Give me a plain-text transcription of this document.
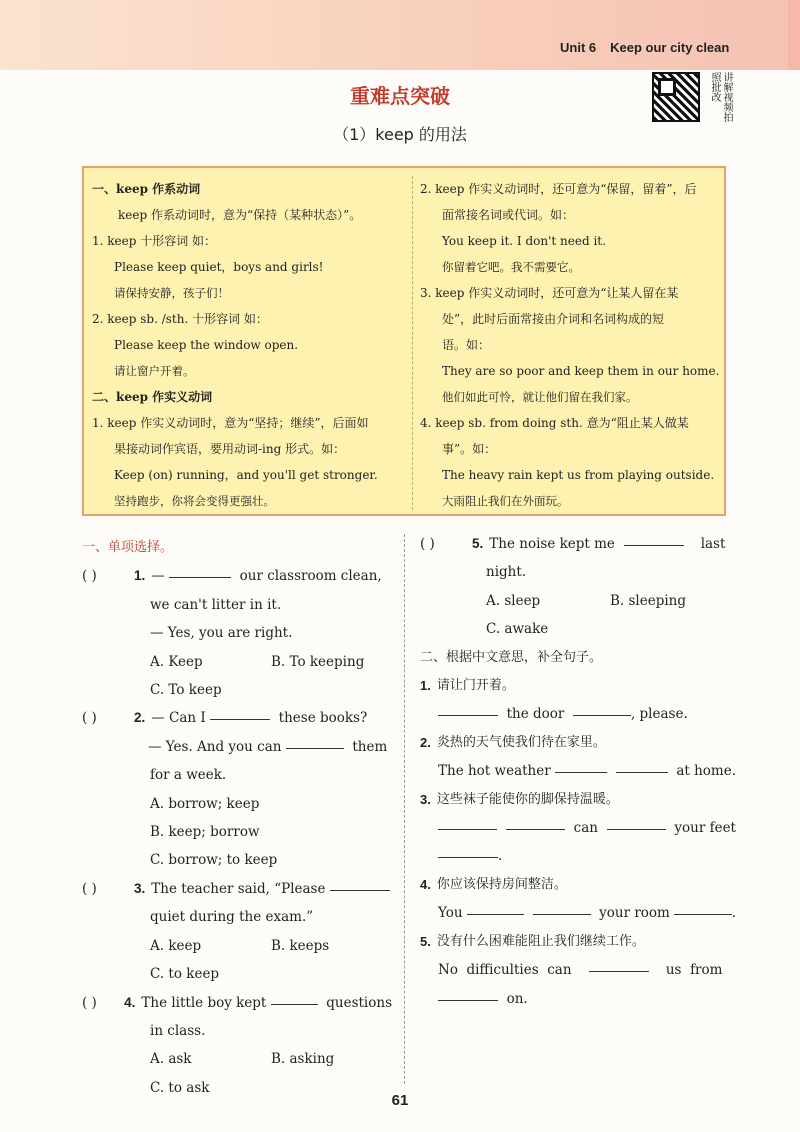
Unit 6 Keep our city clean
讲解视频拍照批改
重难点突破
（1）keep 的用法

一、keep 作系动词

keep 作系动词时，意为“保持（某种状态）”。

1. keep 十形容词 如：

Please keep quiet，boys and girls!

请保持安静，孩子们！

2. keep sb. /sth. 十形容词 如：

Please keep the window open.

请让窗户开着。

二、keep 作实义动词

1. keep 作实义动词时，意为“坚持；继续”，后面如

果接动词作宾语，要用动词-ing 形式。如：

Keep (on) running，and you'll get stronger.

坚持跑步，你将会变得更强壮。

2. keep 作实义动词时，还可意为“保留，留着”，后

面常接名词或代词。如：

You keep it. I don't need it.

你留着它吧。我不需要它。

3. keep 作实义动词时，还可意为“让某人留在某

处”，此时后面常接由介词和名词构成的短

语。如：

They are so poor and keep them in our home.

他们如此可怜，就让他们留在我们家。

4. keep sb. from doing sth. 意为“阻止某人做某

事”。如：

The heavy rain kept us from playing outside.

大雨阻止我们在外面玩。

一、单项选择。
( )	1. —

	our classroom clean,
we can't litter in it.
— Yes, you are right.
A. Keep	B. To keeping
C. To keep
( )	2. — Can I

	these books?
— Yes. And you can

	them
for a week.
A. borrow; keep
B. keep; borrow
C. borrow; to keep
( )	3. The teacher said, “Please

quiet during the exam.”
A. keep	B. keeps
C. to keep
( )	4. The little boy kept

	questions
in class.
A. ask	B. asking
C. to ask
( )	5. The noise kept me

	last
night.
A. sleep	B. sleeping
C. awake
二、根据中文意思，补全句子。
1. 请让门开着。

the door
	, please.
2. 炎热的天气使我们待在家里。
The hot weather

	at home.
3. 这些袜子能使你的脚保持温暖。

can

	your feet
.
4. 你应该保持房间整洁。
You

	your room
	.
5. 没有什么困难能阻止我们继续工作。
No  difficulties  can

	us  from

on.
61
